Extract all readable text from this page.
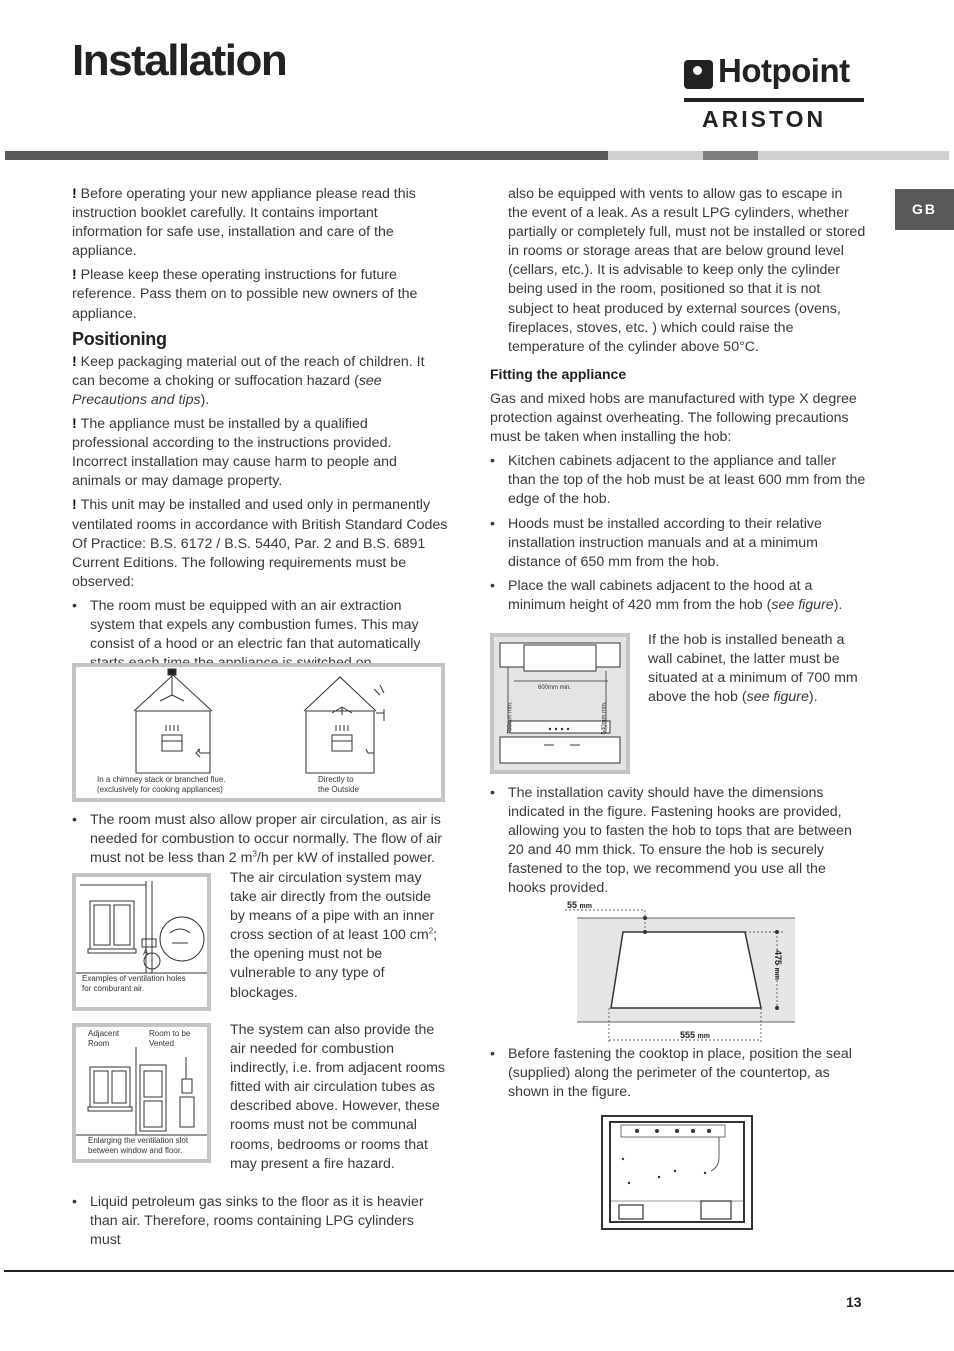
Installation	Hotpoint
ARISTON
GB

! Before operating your new appliance please read this instruction booklet carefully. It contains important information for safe use, installation and care of the appliance.

! Please keep these operating instructions for future reference. Pass them on to possible new owners of the appliance.

Positioning

! Keep packaging material out of the reach of children. It can become a choking or suffocation hazard (see Precautions and tips).

! The appliance must be installed by a qualified professional according to the instructions provided. Incorrect installation may cause harm to people and animals or may damage property.

! This unit may be installed and used only in permanently ventilated rooms in accordance with British Standard Codes Of Practice: B.S. 6172 / B.S. 5440, Par. 2 and B.S. 6891 Current Editions. The following requirements must be observed:

• The room must be equipped with an air extraction system that expels any combustion fumes. This may consist of a hood or an electric fan that automatically
In a chimney stack or branched flue.
(exclusively for cooking appliances)
Directly to
the Outside
• The room must also allow proper air circulation, as air is needed for combustion to occur normally. The flow of air must not be less than 2 $m^3/h$ per kW of installed power.
A
Examples of ventilation holes
for comburant air.
The air circulation system may take air directly from the outside by means of a pipe with an inner cross section of at least 100 $cm^2$; the opening must not be vulnerable to any type of blockages.
Adjacent
Room
Room to be
Vented
Enlarging the ventilation slot
between window and floor.
The system can also provide the air needed for combustion indirectly, i.e. from adjacent rooms fitted with air circulation tubes as described above. However, these rooms must not be communal rooms, bedrooms or rooms that may present a fire hazard.
• Liquid petroleum gas sinks to the floor as it is heavier than air. Therefore, rooms containing LPG cylinders must

also be equipped with vents to allow gas to escape in the event of a leak. As a result LPG cylinders, whether partially or completely full, must not be installed or stored in rooms or storage areas that are below ground level (cellars, etc.). It is advisable to keep only the cylinder being used in the room, positioned so that it is not subject to heat produced by external sources (ovens, fireplaces, stoves, etc. ) which could raise the temperature of the cylinder above 50°C.

Fitting the appliance

Gas and mixed hobs are manufactured with type X degree protection against overheating. The following precautions must be taken when installing the hob:

• Kitchen cabinets adjacent to the appliance and taller than the top of the hob must be at least 600 mm from the edge of the hob.
• Hoods must be installed according to their relative installation instruction manuals and at a minimum distance of 650 mm from the hob.
• Place the wall cabinets adjacent to the hood at a minimum height of 420 mm from the hob (see figure).
600mm min.
700mm min.	540mm min.
If the hob is installed beneath a wall cabinet, the latter must be situated at a minimum of 700 mm above the hob (see figure).
• The installation cavity should have the dimensions indicated in the figure. Fastening hooks are provided, allowing you to fasten the hob to tops that are between 20 and 40 mm thick. To ensure the hob is securely fastened to the top, we recommend you use all the hooks provided.
55 mm
475 mm
555 mm
• Before fastening the cooktop in place, position the seal (supplied) along the perimeter of the countertop, as shown in the figure.
13
